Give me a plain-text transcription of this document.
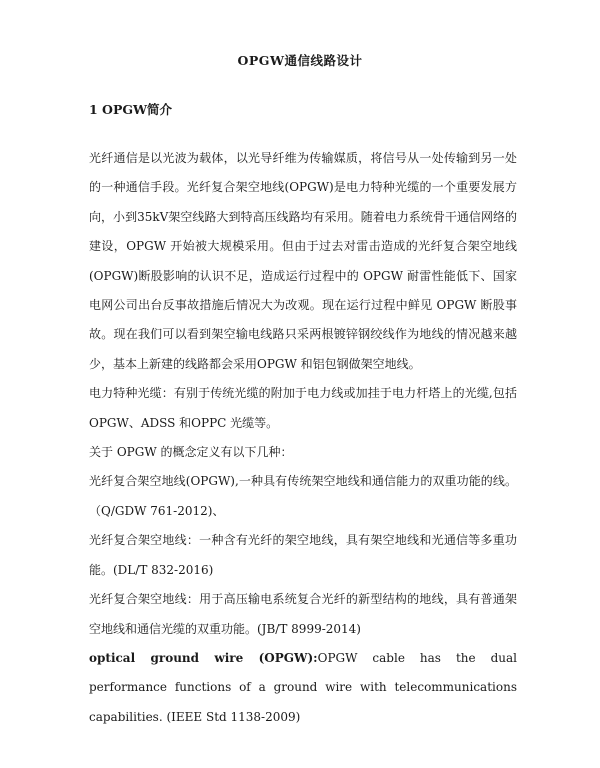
OPGW通信线路设计
1 OPGW简介

光纤通信是以光波为载体，以光导纤维为传输媒质，将信号从一处传输到另一处的一种通信手段。光纤复合架空地线(OPGW)是电力特种光缆的一个重要发展方向，小到35kV架空线路大到特高压线路均有采用。随着电力系统骨干通信网络的建设，OPGW 开始被大规模采用。但由于过去对雷击造成的光纤复合架空地线(OPGW)断股影响的认识不足，造成运行过程中的 OPGW 耐雷性能低下、国家电网公司出台反事故措施后情况大为改观。现在运行过程中鲜见 OPGW 断股事故。现在我们可以看到架空输电线路只采两根镀锌钢绞线作为地线的情况越来越少，基本上新建的线路都会采用OPGW 和铝包钢做架空地线。

电力特种光缆：有别于传统光缆的附加于电力线或加挂于电力杆塔上的光缆,包括OPGW、ADSS 和OPPC 光缆等。

关于 OPGW 的概念定义有以下几种：

光纤复合架空地线(OPGW),一种具有传统架空地线和通信能力的双重功能的线。（Q/GDW 761-2012)、

光纤复合架空地线：一种含有光纤的架空地线，具有架空地线和光通信等多重功能。(DL/T 832-2016)

光纤复合架空地线：用于高压输电系统复合光纤的新型结构的地线，具有普通架空地线和通信光缆的双重功能。(JB/T 8999-2014)

optical ground wire (OPGW):OPGW cable has the dual performance functions of a ground wire with telecommunications capabilities. (IEEE Std 1138-2009)
